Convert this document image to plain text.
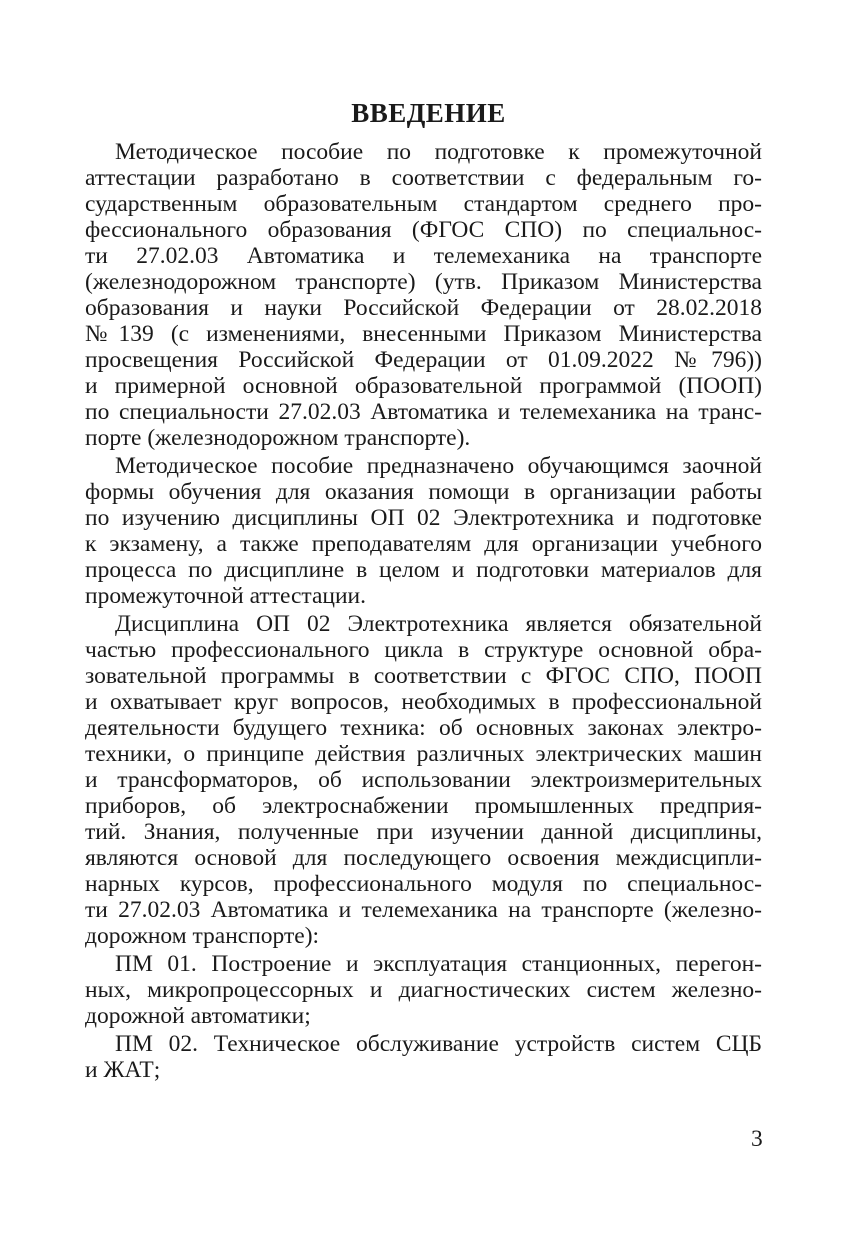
ВВЕДЕНИЕ
Методическое пособие по подготовке к промежуточной
аттестации разработано в соответствии с федеральным го-
сударственным образовательным стандартом среднего про-
фессионального образования (ФГОС СПО) по специальнос-
ти 27.02.03 Автоматика и телемеханика на транспорте
(железнодорожном транспорте) (утв. Приказом Министерства
образования и науки Российской Федерации от 28.02.2018
№139 (с изменениями, внесенными Приказом Министерства
просвещения Российской Федерации от 01.09.2022 №796))
и примерной основной образовательной программой (ПООП)
по специальности 27.02.03 Автоматика и телемеханика на транс-
порте (железнодорожном транспорте).
Методическое пособие предназначено обучающимся заочной
формы обучения для оказания помощи в организации работы
по изучению дисциплины ОП 02 Электротехника и подготовке
к экзамену, а также преподавателям для организации учебного
процесса по дисциплине в целом и подготовки материалов для
промежуточной аттестации.
Дисциплина ОП 02 Электротехника является обязательной
частью профессионального цикла в структуре основной обра-
зовательной программы в соответствии с ФГОС СПО, ПООП
и охватывает круг вопросов, необходимых в профессиональной
деятельности будущего техника: об основных законах электро-
техники, о принципе действия различных электрических машин
и трансформаторов, об использовании электроизмерительных
приборов, об электроснабжении промышленных предприя-
тий. Знания, полученные при изучении данной дисциплины,
являются основой для последующего освоения междисципли-
нарных курсов, профессионального модуля по специальнос-
ти 27.02.03 Автоматика и телемеханика на транспорте (железно-
дорожном транспорте):
ПМ 01. Построение и эксплуатация станционных, перегон-
ных, микропроцессорных и диагностических систем железно-
дорожной автоматики;
ПМ 02. Техническое обслуживание устройств систем СЦБ
и ЖАТ;
3
